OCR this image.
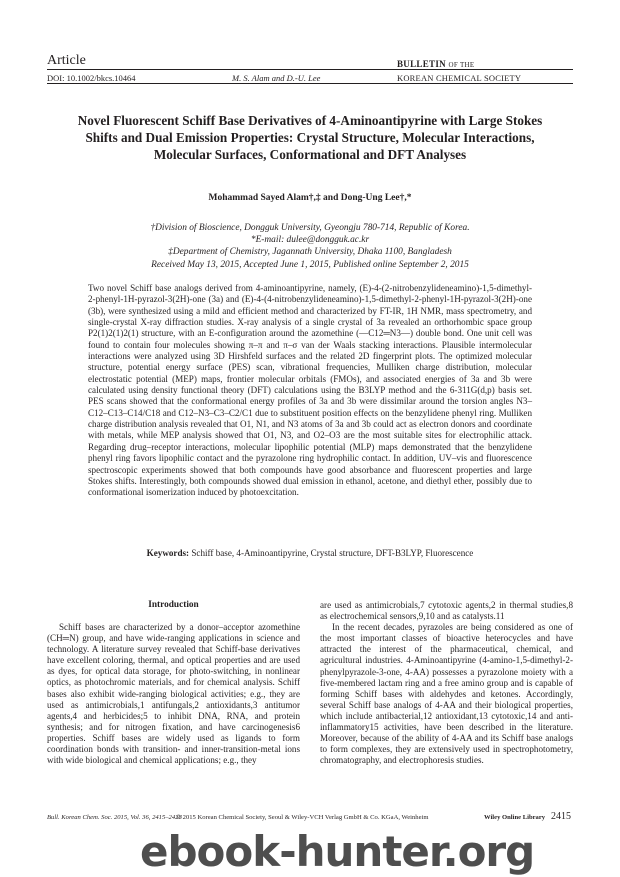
Article	BULLETIN OF THE
DOI: 10.1002/bkcs.10464	M. S. Alam and D.-U. Lee	KOREAN CHEMICAL SOCIETY
Novel Fluorescent Schiff Base Derivatives of 4-Aminoantipyrine with Large Stokes Shifts and Dual Emission Properties: Crystal Structure, Molecular Interactions, Molecular Surfaces, Conformational and DFT Analyses
Mohammad Sayed Alam†,‡ and Dong-Ung Lee†,*
†Division of Bioscience, Dongguk University, Gyeongju 780-714, Republic of Korea.
*E-mail: dulee@dongguk.ac.kr
‡Department of Chemistry, Jagannath University, Dhaka 1100, Bangladesh
Received May 13, 2015, Accepted June 1, 2015, Published online September 2, 2015
Two novel Schiff base analogs derived from 4-aminoantipyrine, namely, (E)-4-(2-nitrobenzylideneamino)-1,5-dimethyl-2-phenyl-1H-pyrazol-3(2H)-one (3a) and (E)-4-(4-nitrobenzylideneamino)-1,5-dimethyl-2-phenyl-1H-pyrazol-3(2H)-one (3b), were synthesized using a mild and efficient method and characterized by FT-IR, 1H NMR, mass spectrometry, and single-crystal X-ray diffraction studies. X-ray analysis of a single crystal of 3a revealed an orthorhombic space group P2(1)2(1)2(1) structure, with an E-configuration around the azomethine (—C12═N3—) double bond. One unit cell was found to contain four molecules showing π–π and π–σ van der Waals stacking interactions. Plausible intermolecular interactions were analyzed using 3D Hirshfeld surfaces and the related 2D fingerprint plots. The optimized molecular structure, potential energy surface (PES) scan, vibrational frequencies, Mulliken charge distribution, molecular electrostatic potential (MEP) maps, frontier molecular orbitals (FMOs), and associated energies of 3a and 3b were calculated using density functional theory (DFT) calculations using the B3LYP method and the 6-311G(d,p) basis set. PES scans showed that the conformational energy profiles of 3a and 3b were dissimilar around the torsion angles N3–C12–C13–C14/C18 and C12–N3–C3–C2/C1 due to substituent position effects on the benzylidene phenyl ring. Mulliken charge distribution analysis revealed that O1, N1, and N3 atoms of 3a and 3b could act as electron donors and coordinate with metals, while MEP analysis showed that O1, N3, and O2–O3 are the most suitable sites for electrophilic attack. Regarding drug–receptor interactions, molecular lipophilic potential (MLP) maps demonstrated that the benzylidene phenyl ring favors lipophilic contact and the pyrazolone ring hydrophilic contact. In addition, UV–vis and fluorescence spectroscopic experiments showed that both compounds have good absorbance and fluorescent properties and large Stokes shifts. Interestingly, both compounds showed dual emission in ethanol, acetone, and diethyl ether, possibly due to conformational isomerization induced by photoexcitation.
Keywords: Schiff base, 4-Aminoantipyrine, Crystal structure, DFT-B3LYP, Fluorescence
Introduction

Schiff bases are characterized by a donor–acceptor azomethine (CH═N) group, and have wide-ranging applications in science and technology. A literature survey revealed that Schiff-base derivatives have excellent coloring, thermal, and optical properties and are used as dyes, for optical data storage, for photo-switching, in nonlinear optics, as photochromic materials, and for chemical analysis. Schiff bases also exhibit wide-ranging biological activities; e.g., they are used as antimicrobials,1 antifungals,2 antioxidants,3 antitumor agents,4 and herbicides;5 to inhibit DNA, RNA, and protein synthesis; and for nitrogen fixation, and have carcinogenesis6 properties. Schiff bases are widely used as ligands to form coordination bonds with transition- and inner-transition-metal ions with wide biological and chemical applications; e.g., they

are used as antimicrobials,7 cytotoxic agents,2 in thermal studies,8 as electrochemical sensors,9,10 and as catalysts.11

In the recent decades, pyrazoles are being considered as one of the most important classes of bioactive heterocycles and have attracted the interest of the pharmaceutical, chemical, and agricultural industries. 4-Aminoantipyrine (4-amino-1,5-dimethyl-2-phenylpyrazole-3-one, 4-AA) possesses a pyrazolone moiety with a five-membered lactam ring and a free amino group and is capable of forming Schiff bases with aldehydes and ketones. Accordingly, several Schiff base analogs of 4-AA and their biological properties, which include antibacterial,12 antioxidant,13 cytotoxic,14 and anti-inflammatory15 activities, have been described in the literature. Moreover, because of the ability of 4-AA and its Schiff base analogs to form complexes, they are extensively used in spectrophotometry, chromatography, and electrophoresis studies.

Bull. Korean Chem. Soc. 2015, Vol. 36, 2415–2428
© 2015 Korean Chemical Society, Seoul & Wiley-VCH Verlag GmbH & Co. KGaA, Weinheim	Wiley Online Library 2415
ebook-hunter.org
